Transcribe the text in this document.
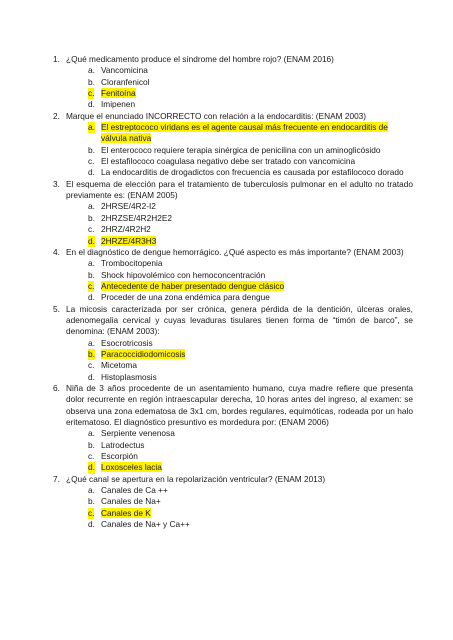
1. ¿Qué medicamento produce el síndrome del hombre rojo? (ENAM 2016)
a. Vancomicina
b. Cloranfenicol
c. Fenitoína
d. Imipenen
2. Marque el enunciado INCORRECTO con relación a la endocarditis: (ENAM 2003)
a. El estreptococo viridans es el agente causal más frecuente en endocarditis de válvula nativa
b. El enterococo requiere terapia sinérgica de penicilina con un aminoglicósido
c. El estafilococo coagulasa negativo debe ser tratado con vancomicina
d. La endocarditis de drogadictos con frecuencia es causada por estafilococo dorado
3. El esquema de elección para el tratamiento de tuberculosis pulmonar en el adulto no tratado previamente es: (ENAM 2005)
a. 2HRSE/4R2-I2
b. 2HRZSE/4R2H2E2
c. 2HRZ/4R2H2
d. 2HRZE/4R3H3
4. En el diagnóstico de dengue hemorrágico. ¿Qué aspecto es más importante? (ENAM 2003)
a. Trombocitopenia
b. Shock hipovolémico con hemoconcentración
c. Antecedente de haber presentado dengue clásico
d. Proceder de una zona endémica para dengue
5. La micosis caracterizada por ser crónica, genera pérdida de la dentición, úlceras orales, adenomegalia cervical y cuyas levaduras tisulares tienen forma de “timón de barco”, se denomina: (ENAM 2003):
a. Esocrotricosis
b. Paracoccidiodomicosis
c. Micetoma
d. Histoplasmosis
6. Niña de 3 años procedente de un asentamiento humano, cuya madre refiere que presenta dolor recurrente en región intraescapular derecha, 10 horas antes del ingreso, al examen: se observa una zona edematosa de 3x1 cm, bordes regulares, equimóticas, rodeada por un halo eritematoso. El diagnóstico presuntivo es mordedura por: (ENAM 2006)
a. Serpiente venenosa
b. Latrodectus
c. Escorpión
d. Loxosceles lacia
7. ¿Qué canal se apertura en la repolarización ventricular? (ENAM 2013)
a. Canales de Ca ++
b. Canales de Na+
c. Canales de K
d. Canales de Na+ y Ca++
